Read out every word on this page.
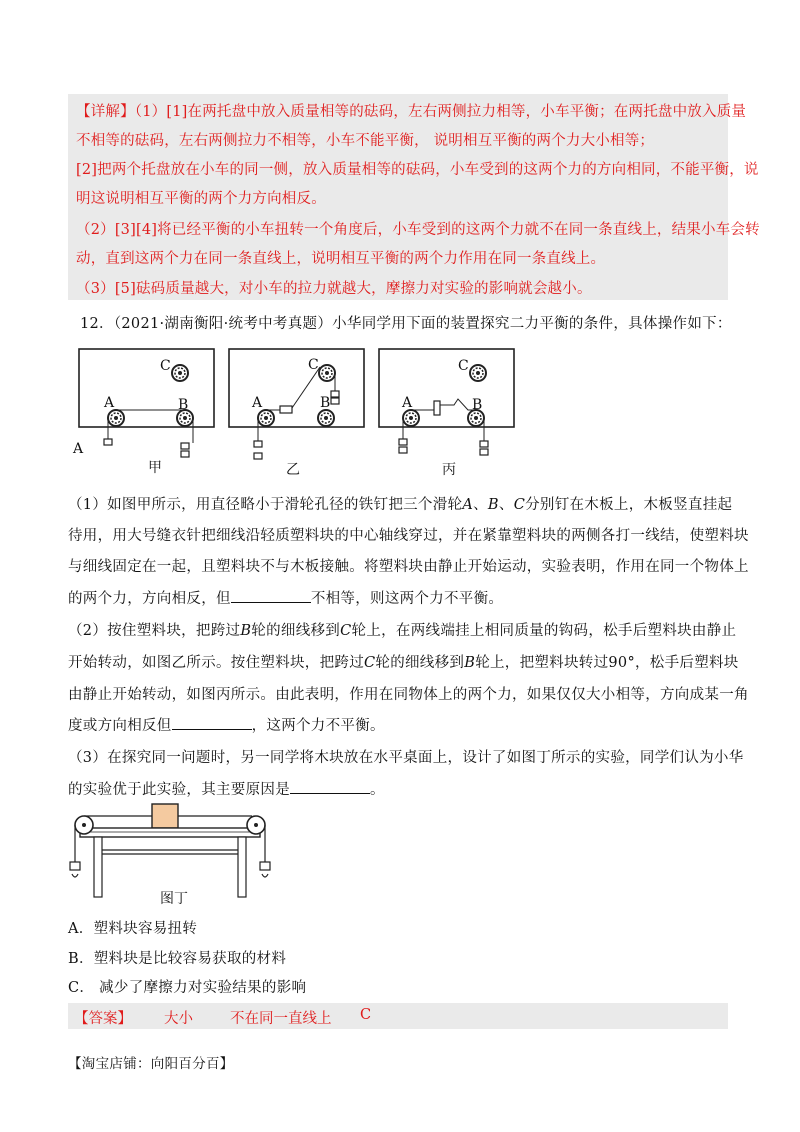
【详解】（1）[1]在两托盘中放入质量相等的砝码，左右两侧拉力相等，小车平衡；在两托盘中放入质量
不相等的砝码，左右两侧拉力不相等，小车不能平衡， 说明相互平衡的两个力大小相等；
[2]把两个托盘放在小车的同一侧，放入质量相等的砝码，小车受到的这两个力的方向相同，不能平衡，说
明这说明相互平衡的两个力方向相反。
（2）[3][4]将已经平衡的小车扭转一个角度后，小车受到的这两个力就不在同一条直线上，结果小车会转
动，直到这两个力在同一条直线上，说明相互平衡的两个力作用在同一条直线上。
（3）[5]砝码质量越大，对小车的拉力就越大，摩擦力对实验的影响就会越小。
12．（2021·湖南衡阳·统考中考真题）小华同学用下面的装置探究二力平衡的条件，具体操作如下：
C
A	B
C
A	B
C
A	B
A
甲	乙	丙
（1）如图甲所示，用直径略小于滑轮孔径的铁钉把三个滑轮A、B、C分别钉在木板上，木板竖直挂起
待用，用大号缝衣针把细线沿轻质塑料块的中心轴线穿过，并在紧靠塑料块的两侧各打一线结，使塑料块
与细线固定在一起，且塑料块不与木板接触。将塑料块由静止开始运动，实验表明，作用在同一个物体上
的两个力，方向相反，但	不相等，则这两个力不平衡。
（2）按住塑料块，把跨过B轮的细线移到C轮上，在两线端挂上相同质量的钩码，松手后塑料块由静止
开始转动，如图乙所示。按住塑料块，把跨过C轮的细线移到B轮上，把塑料块转过90°，松手后塑料块
由静止开始转动，如图丙所示。由此表明，作用在同物体上的两个力，如果仅仅大小相等，方向成某一角
度或方向相反但	，这两个力不平衡。
（3）在探究同一问题时，另一同学将木块放在水平桌面上，设计了如图丁所示的实验，同学们认为小华
的实验优于此实验，其主要原因是	。
图丁
A．塑料块容易扭转
B．塑料块是比较容易获取的材料
C． 减少了摩擦力对实验结果的影响
【答案】 大小	不在同一直线上 C
【淘宝店铺：向阳百分百】
